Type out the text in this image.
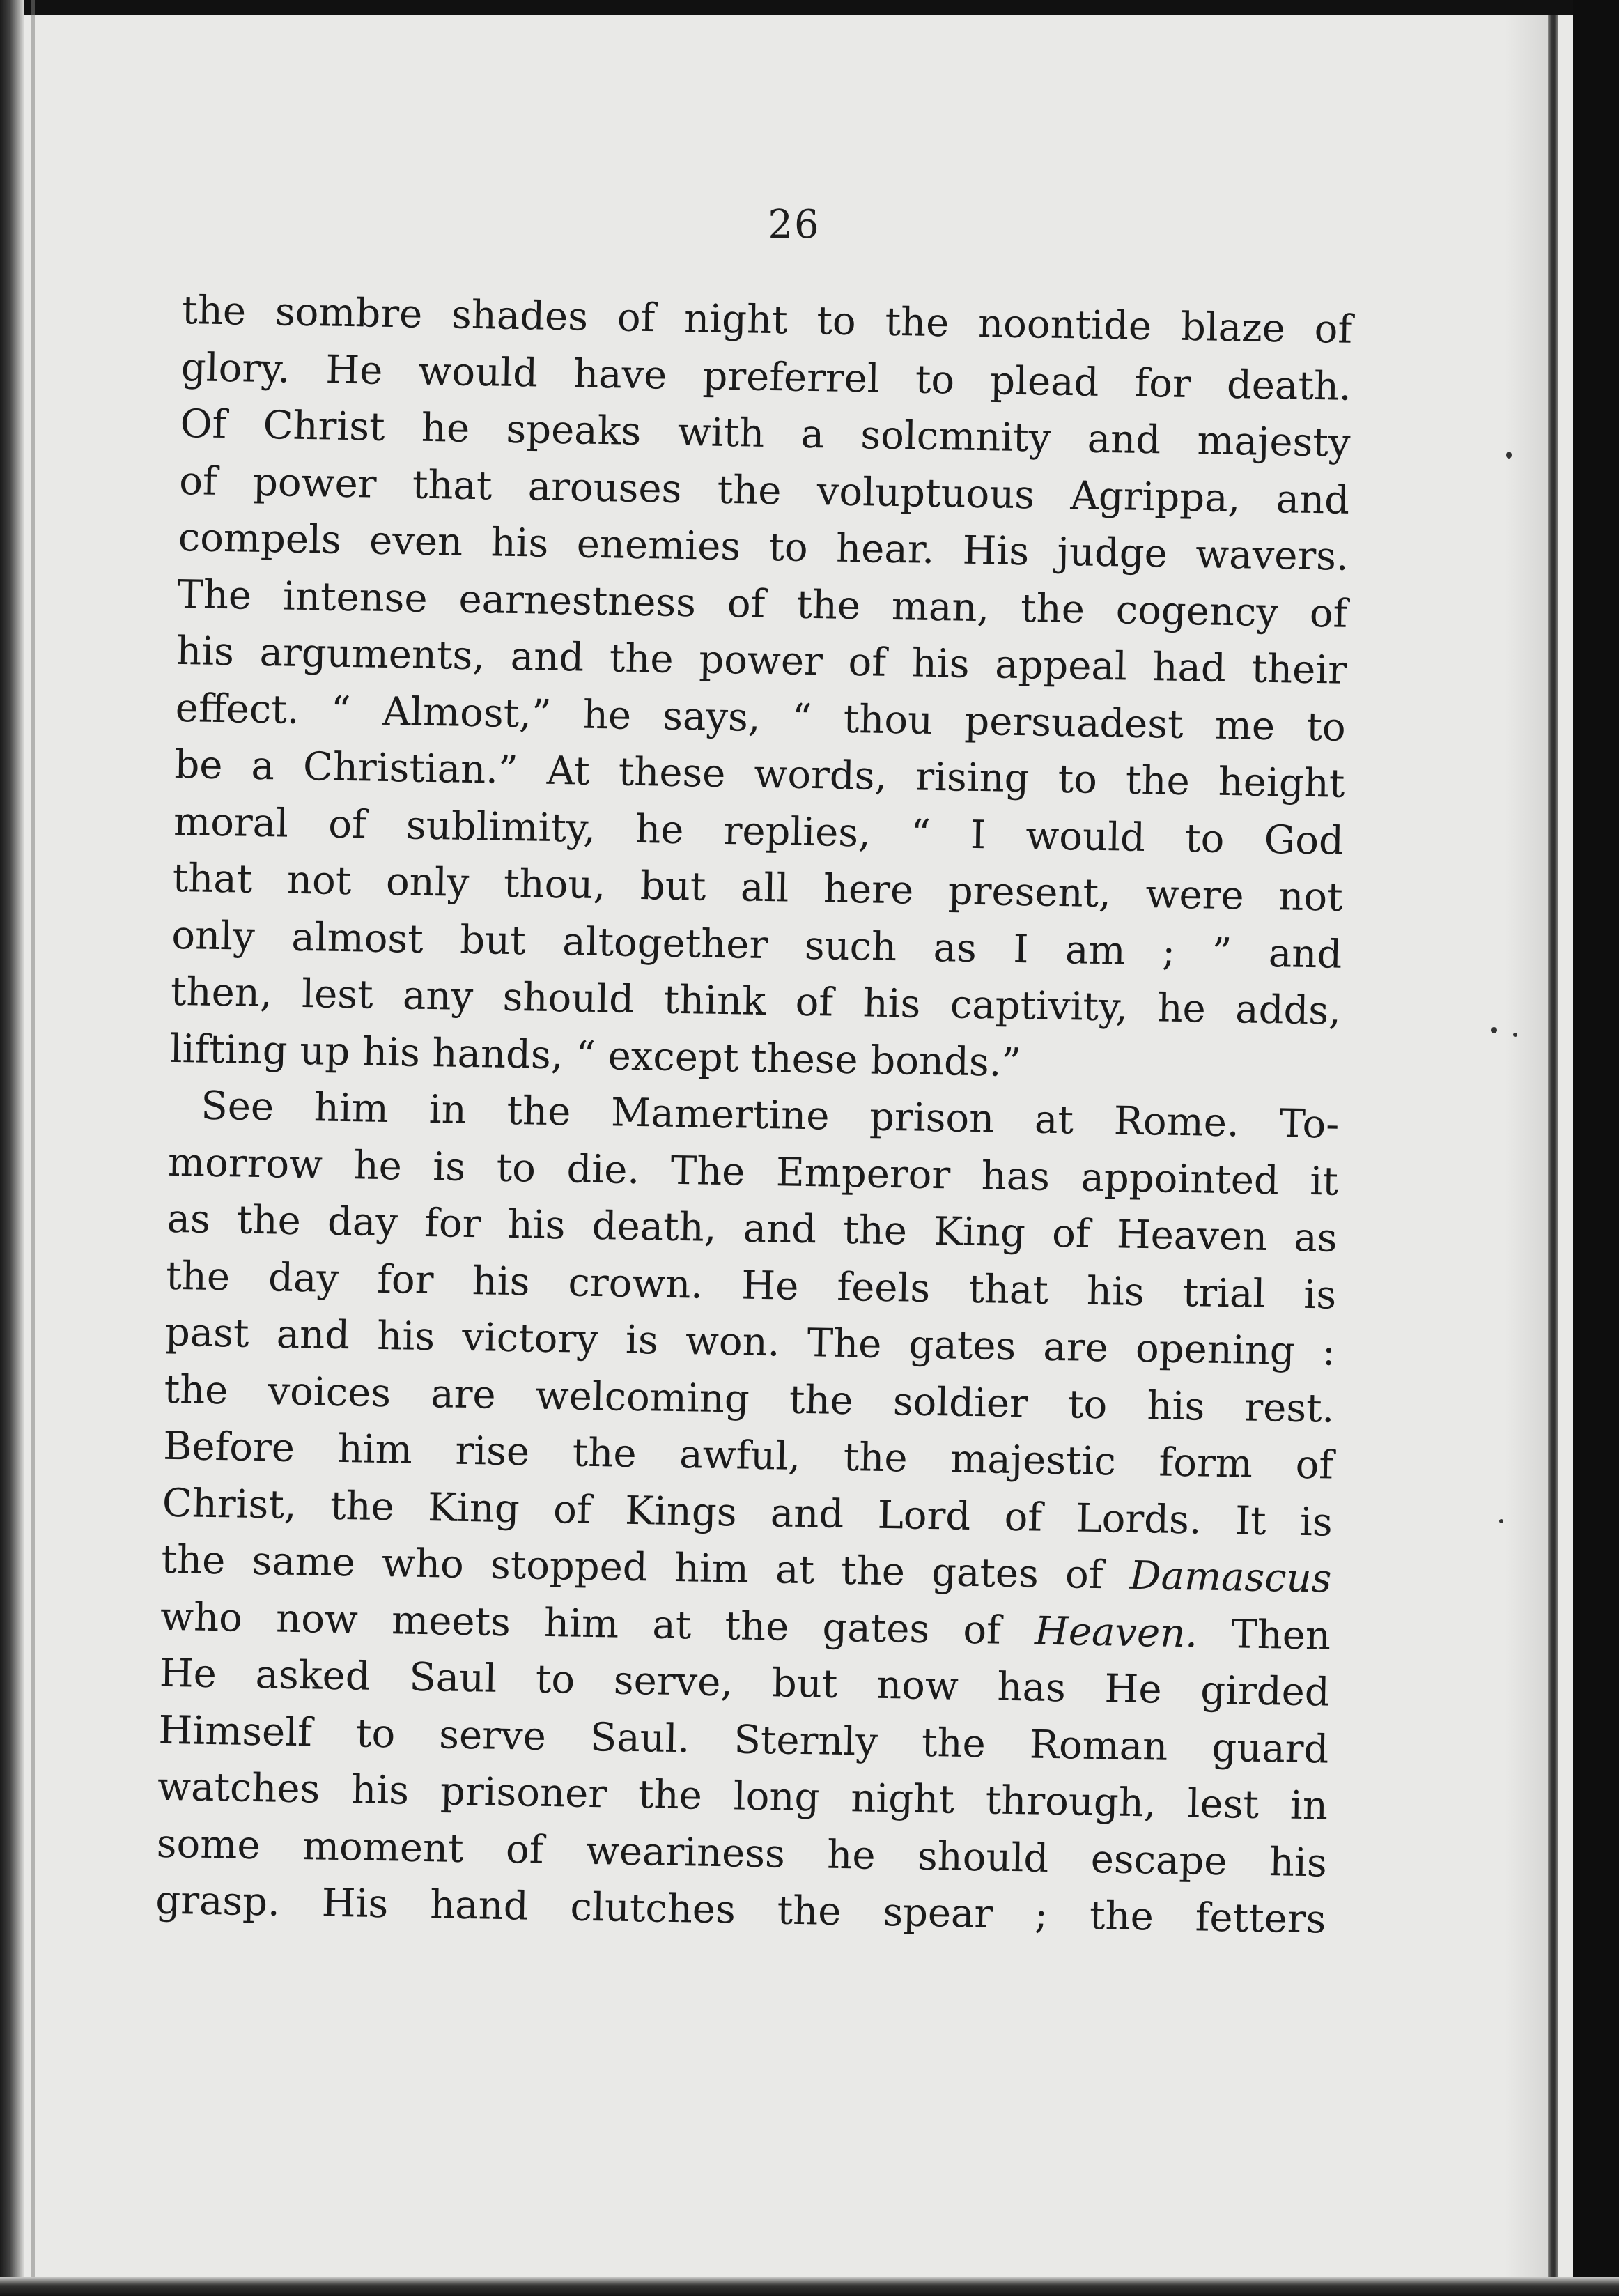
26
the sombre shades of night to the noontide blaze of
glory. He would have preferrel to plead for death.
Of Christ he speaks with a solcmnity and majesty
of power that arouses the voluptuous Agrippa, and
compels even his enemies to hear. His judge wavers.
The intense earnestness of the man, the cogency of
his arguments, and the power of his appeal had their
effect. “ Almost,” he says, “ thou persuadest me to
be a Christian.” At these words, rising to the height
moral of sublimity, he replies, “ I would to God
that not only thou, but all here present, were not
only almost but altogether such as I am ; ” and
then, lest any should think of his captivity, he adds,
lifting up his hands, “ except these bonds.”
See him in the Mamertine prison at Rome. To-
morrow he is to die. The Emperor has appointed it
as the day for his death, and the King of Heaven as
the day for his crown. He feels that his trial is
past and his victory is won. The gates are opening :
the voices are welcoming the soldier to his rest.
Before him rise the awful, the majestic form of
Christ, the King of Kings and Lord of Lords. It is
the same who stopped him at the gates of Damascus
who now meets him at the gates of Heaven. Then
He asked Saul to serve, but now has He girded
Himself to serve Saul. Sternly the Roman guard
watches his prisoner the long night through, lest in
some moment of weariness he should escape his
grasp. His hand clutches the spear ; the fetters
